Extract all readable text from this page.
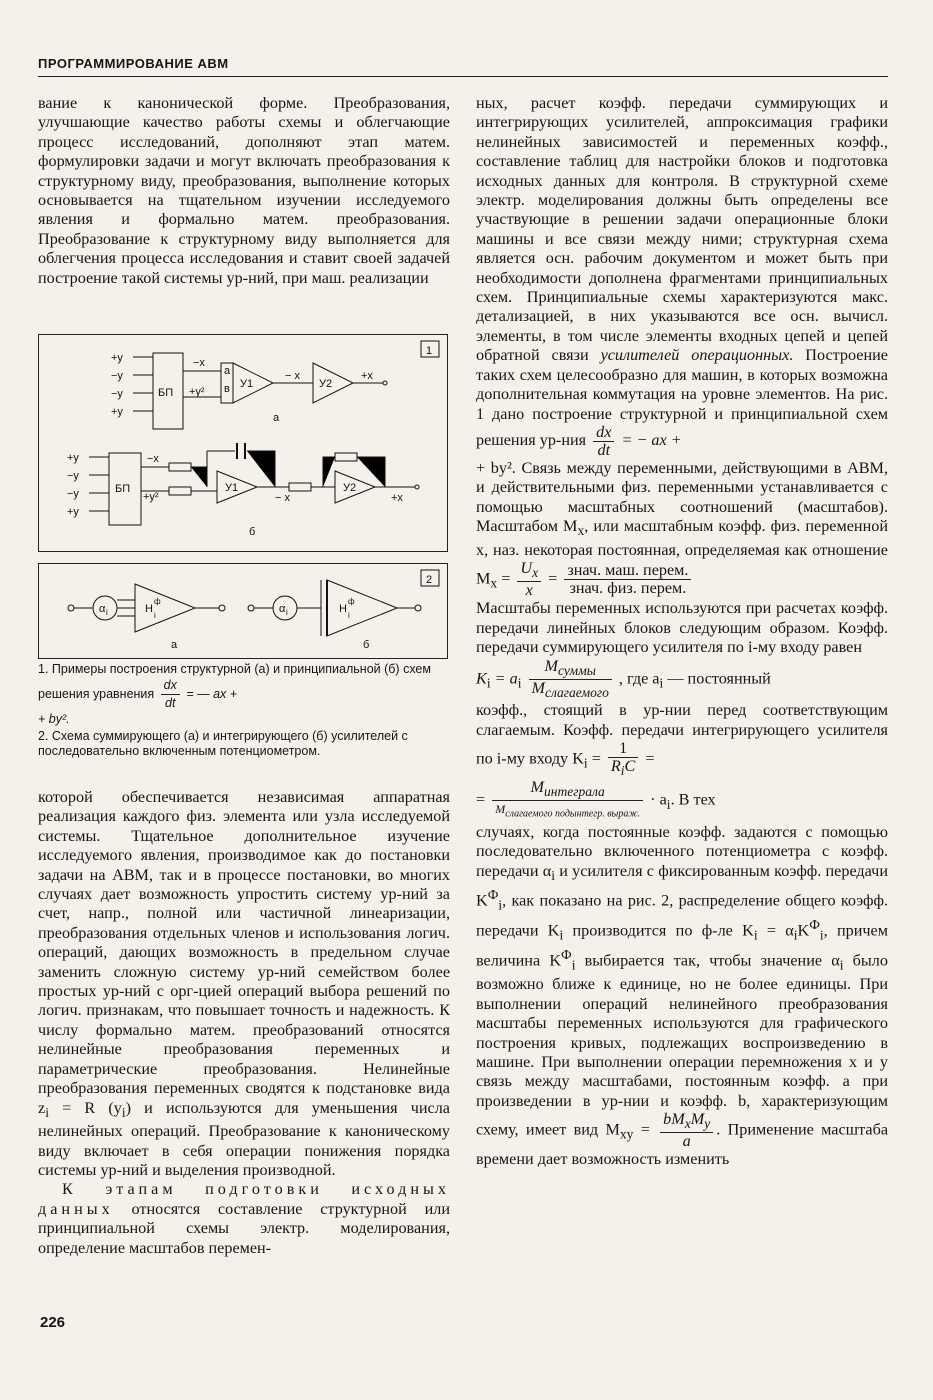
ПРОГРАММИРОВАНИЕ АВМ

вание к канонической форме. Преобразования, улучшающие качество работы схемы и облегчающие процесс исследований, дополняют этап матем. формулировки задачи и могут включать преобразования к структурному виду, преобразования, выполнение которых основывается на тщательном изучении исследуемого явления и формально матем. преобразования. Преобразование к структурному виду выполняется для облегчения процесса исследования и ставит своей задачей построение такой системы ур-ний, при маш. реализации

1
БП
+y
−y
−y
+y
−x
+y²
a
в У1
− x
У2
+x
а
БП
+y
−y
−y
+y
−x
+y²
У1
− x
У2
+x
б
2
α i	H
ф
i
а
α i	H
ф
i
б

1. Примеры построения структурной (а) и принципиальной (б) схем решения уравнения $\frac{dx}{dt}$ = — ax +
+ by².

2. Схема суммирующего (а) и интегрирующего (б) усилителей с последовательно включенным потенциометром.

которой обеспечивается независимая аппаратная реализация каждого физ. элемента или узла исследуемой системы. Тщательное дополнительное изучение исследуемого явления, производимое как до постановки задачи на АВМ, так и в процессе постановки, во многих случаях дает возможность упростить систему ур-ний за счет, напр., полной или частичной линеаризации, преобразования отдельных членов и использования логич. операций, дающих возможность в предельном случае заменить сложную систему ур-ний семейством более простых ур-ний с орг-цией операций выбора решений по логич. признакам, что повышает точность и надежность. К числу формально матем. преобразований относятся нелинейные преобразования переменных и параметрические преобразования. Нелинейные преобразования переменных сводятся к подстановке вида $z_i = R$ $(y_i)$ и используются для уменьшения числа нелинейных операций. Преобразование к каноническому виду включает в себя операции понижения порядка системы ур-ний и выделения производной.

К этапам подготовки исходных данных относятся составление структурной или принципиальной схемы электр. моделирования, определение масштабов перемен-

ных, расчет коэфф. передачи суммирующих и интегрирующих усилителей, аппроксимация графики нелинейных зависимостей и переменных коэфф., составление таблиц для настройки блоков и подготовка исходных данных для контроля. В структурной схеме электр. моделирования должны быть определены все участвующие в решении задачи операционные блоки машины и все связи между ними; структурная схема является осн. рабочим документом и может быть при необходимости дополнена фрагментами принципиальных схем. Принципиальные схемы характеризуются макс. детализацией, в них указываются все осн. вычисл. элементы, в том числе элементы входных цепей и цепей обратной связи усилителей операционных. Построение таких схем целесообразно для машин, в которых возможна дополнительная коммутация на уровне элементов. На рис. 1 дано построение структурной и принципиальной схем решения $ур-ния \frac{dx}{dt}$ = − ax +

+ by². Связь между переменными, действующими в АВМ, и действительными физ. переменными устанавливается с помощью масштабных соотношений (масштабов). Масштабом $M_x$, или масштабным коэфф. физ. переменной x, наз. некоторая постоянная, определяемая как отношение $M_x = \frac{U_x}{x} = \frac{\text{знач. маш. перем.}}{\text{знач. физ. перем.}}$

Масштабы переменных используются при расчетах коэфф. передачи линейных блоков следующим образом. Коэфф. передачи суммирующего усилителя по i-му входу равен

$K_i = a_i \frac{M_{суммы}}{M_{слагаемого}}$ , где $a_i$ — постоянный

коэфф., стоящий в ур-нии перед соответствующим слагаемым. Коэфф. передачи интегрирующего усилителя по i-му входу $K_i = \frac{1}{R_iC}$ =

= $\frac{M_{интеграла}}{M_{слагаемого подынтегр. выраж.}} \cdot a_i$. В тех

случаях, когда постоянные коэфф. задаются с помощью последовательно включенного потенциометра с коэфф. передачи $\alpha_i$ и усилителя с фиксированным коэфф. передачи $K^Ф_i$, как показано на рис. 2, распределение общего коэфф. передачи $K_i$ производится по ф-ле $K_i = \alpha_iK^Ф_i$, причем величина $K^Ф_i$ выбирается так, чтобы значение $\alpha_i$ было возможно ближе к единице, но не более единицы. При выполнении операций нелинейного преобразования масштабы переменных используются для графического построения кривых, подлежащих воспроизведению в машине. При выполнении операции перемножения x и y связь между масштабами, постоянным коэфф. a при произведении в ур-нии и коэфф. b, характеризующим схему, имеет вид $M_{xy} = \frac{bM_xM_y}{a}$ . Применение масштаба времени дает возможность изменить

226
